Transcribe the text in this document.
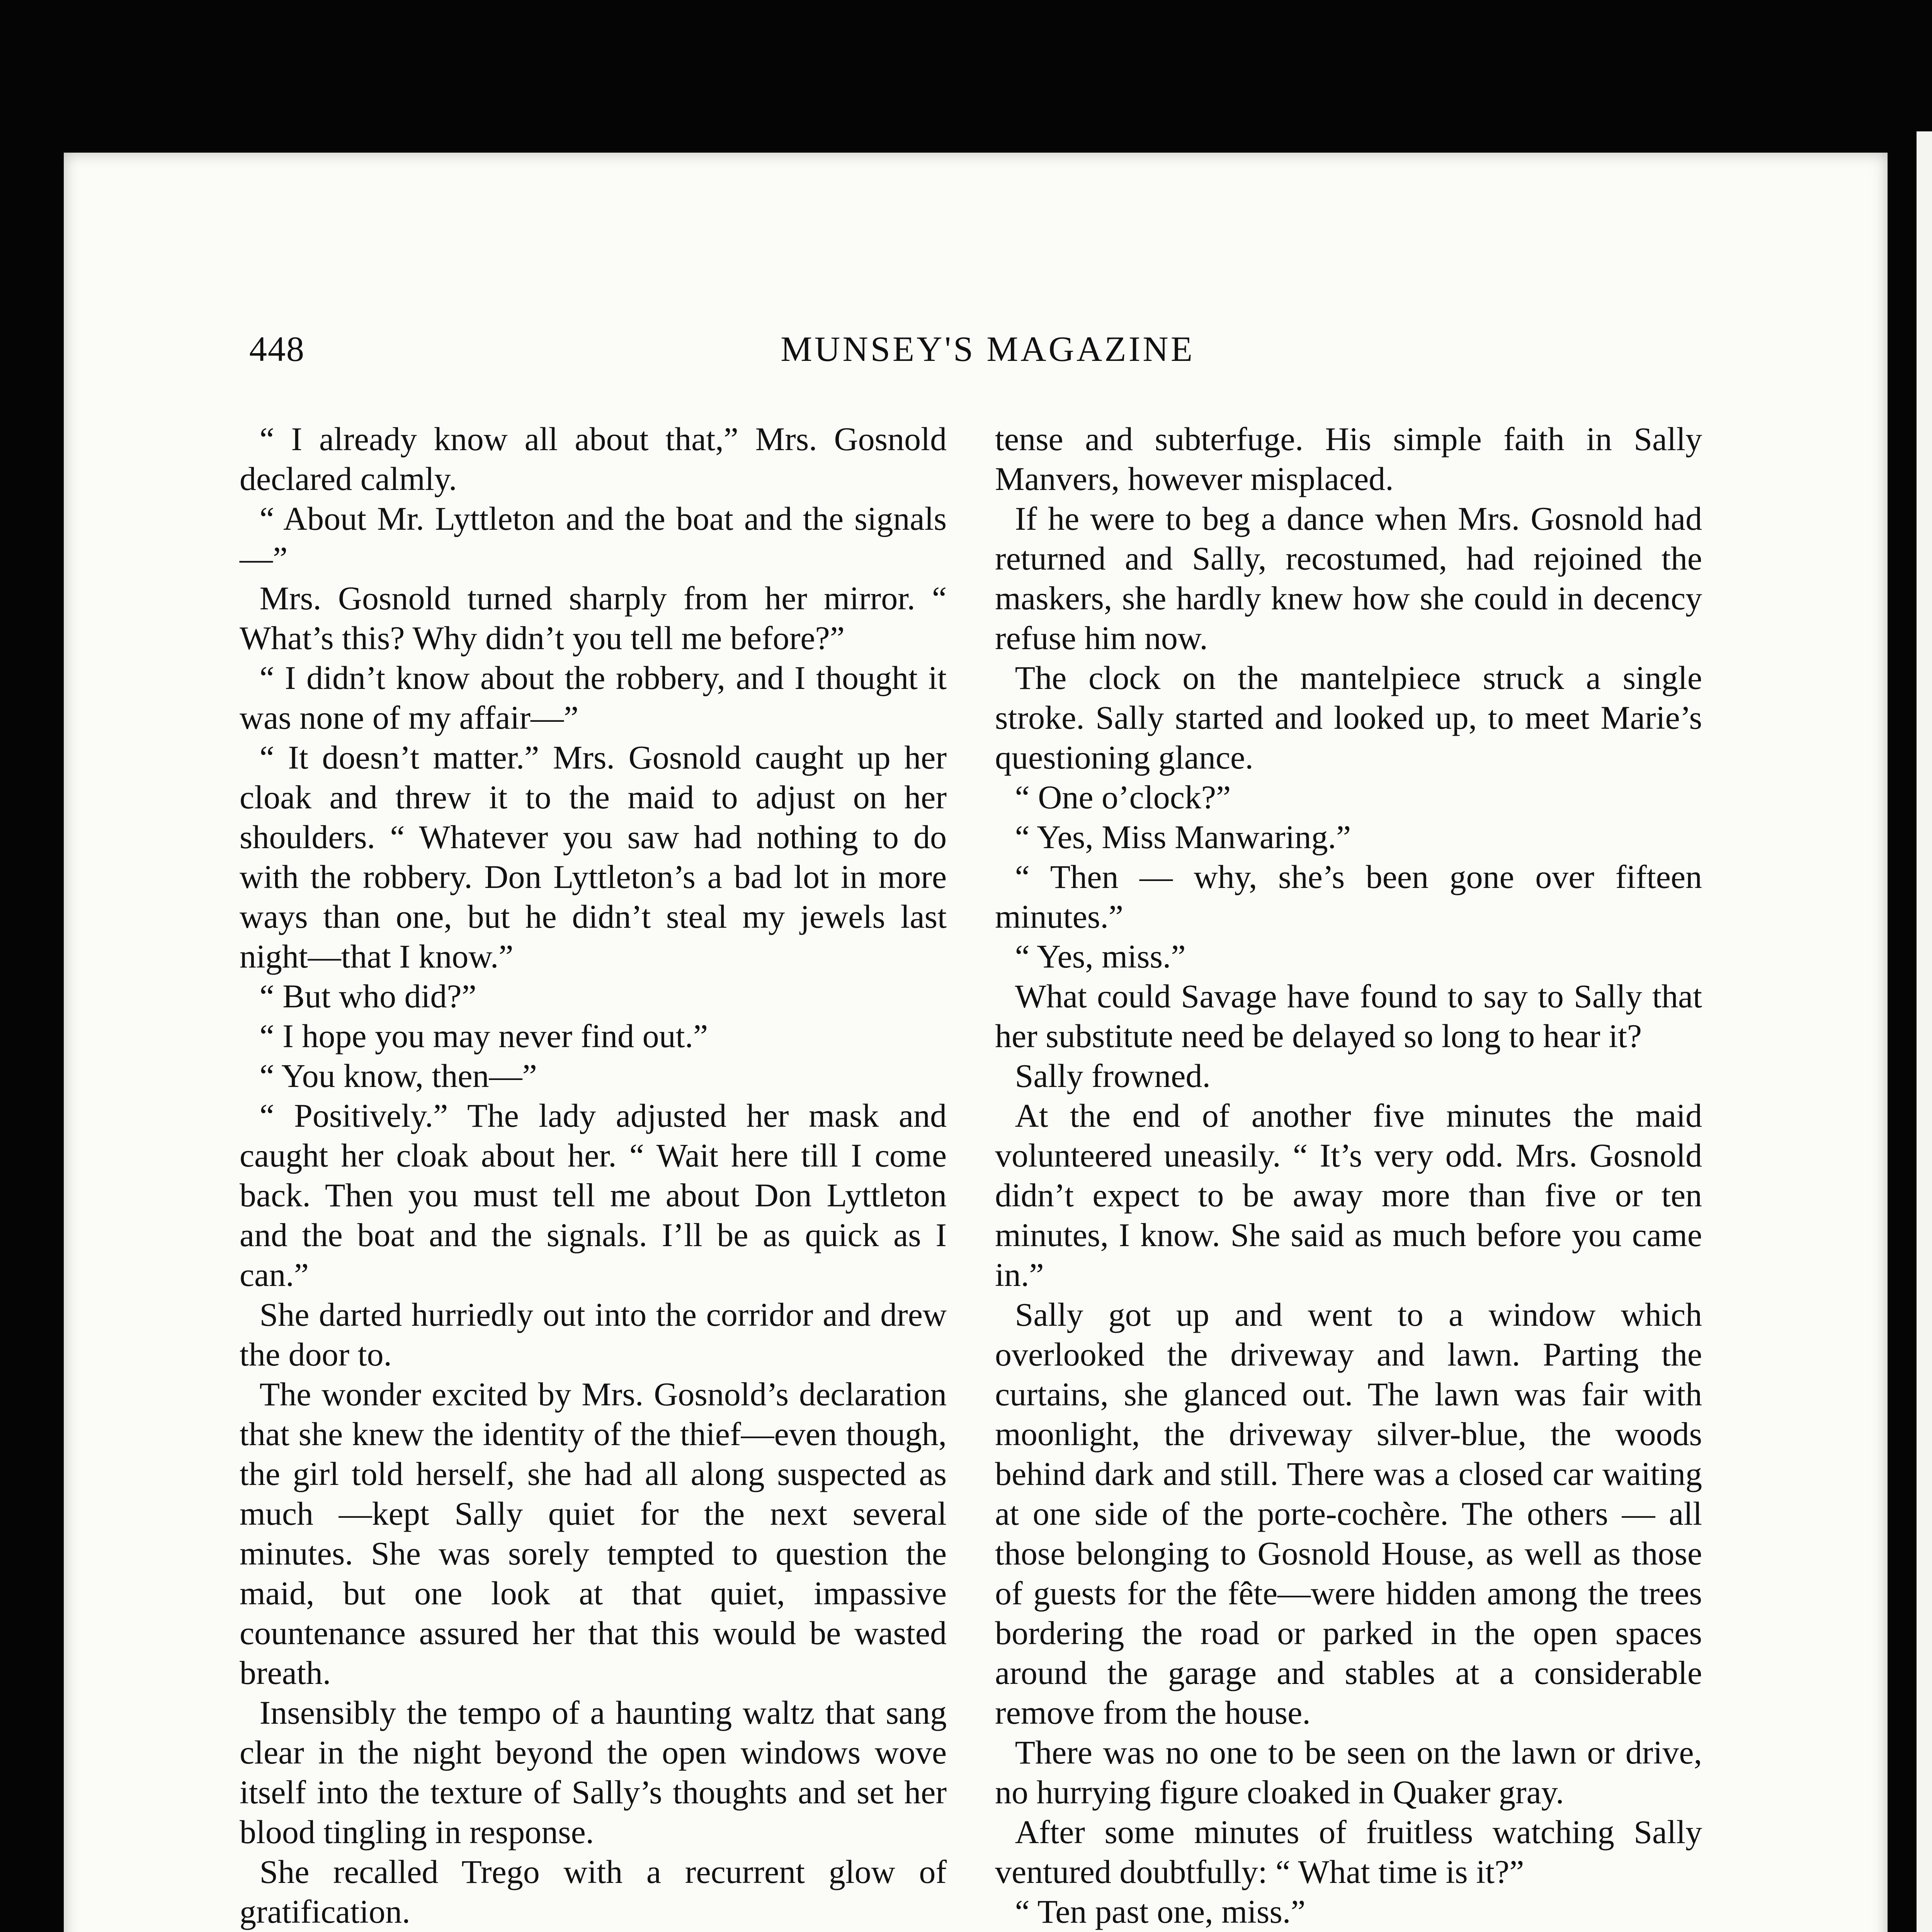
448	MUNSEY'S MAGAZINE

“ I already know all about that,” Mrs. Gosnold declared calmly.

“ About Mr. Lyttleton and the boat and the signals—”

Mrs. Gosnold turned sharply from her mirror. “ What’s this? Why didn’t you tell me before?”

“ I didn’t know about the robbery, and I thought it was none of my affair—”

“ It doesn’t matter.” Mrs. Gosnold caught up her cloak and threw it to the maid to adjust on her shoulders. “ Whatever you saw had nothing to do with the robbery. Don Lyttleton’s a bad lot in more ways than one, but he didn’t steal my jewels last night—that I know.”

“ But who did?”

“ I hope you may never find out.”

“ You know, then—”

“ Positively.” The lady adjusted her mask and caught her cloak about her. “ Wait here till I come back. Then you must tell me about Don Lyttleton and the boat and the signals. I’ll be as quick as I can.”

She darted hurriedly out into the corridor and drew the door to.

The wonder excited by Mrs. Gosnold’s declaration that she knew the identity of the thief—even though, the girl told herself, she had all along suspected as much —kept Sally quiet for the next several minutes. She was sorely tempted to question the maid, but one look at that quiet, impassive countenance assured her that this would be wasted breath.

Insensibly the tempo of a haunting waltz that sang clear in the night beyond the open windows wove itself into the texture of Sally’s thoughts and set her blood tingling in response.

She recalled Trego with a recurrent glow of gratification.

tense and subterfuge. His simple faith in Sally Manvers, however misplaced.

If he were to beg a dance when Mrs. Gosnold had returned and Sally, recostumed, had rejoined the maskers, she hardly knew how she could in decency refuse him now.

The clock on the mantelpiece struck a single stroke. Sally started and looked up, to meet Marie’s questioning glance.

“ One o’clock?”

“ Yes, Miss Manwaring.”

“ Then — why, she’s been gone over fifteen minutes.”

“ Yes, miss.”

What could Savage have found to say to Sally that her substitute need be delayed so long to hear it?

Sally frowned.

At the end of another five minutes the maid volunteered uneasily. “ It’s very odd. Mrs. Gosnold didn’t expect to be away more than five or ten minutes, I know. She said as much before you came in.”

Sally got up and went to a window which overlooked the driveway and lawn. Parting the curtains, she glanced out. The lawn was fair with moonlight, the driveway silver-blue, the woods behind dark and still. There was a closed car waiting at one side of the porte-cochère. The others — all those belonging to Gosnold House, as well as those of guests for the fête—were hidden among the trees bordering the road or parked in the open spaces around the garage and stables at a considerable remove from the house.

There was no one to be seen on the lawn or drive, no hurrying figure cloaked in Quaker gray.

After some minutes of fruitless watching Sally ventured doubtfully: “ What time is it?”

“ Ten past one, miss.”
